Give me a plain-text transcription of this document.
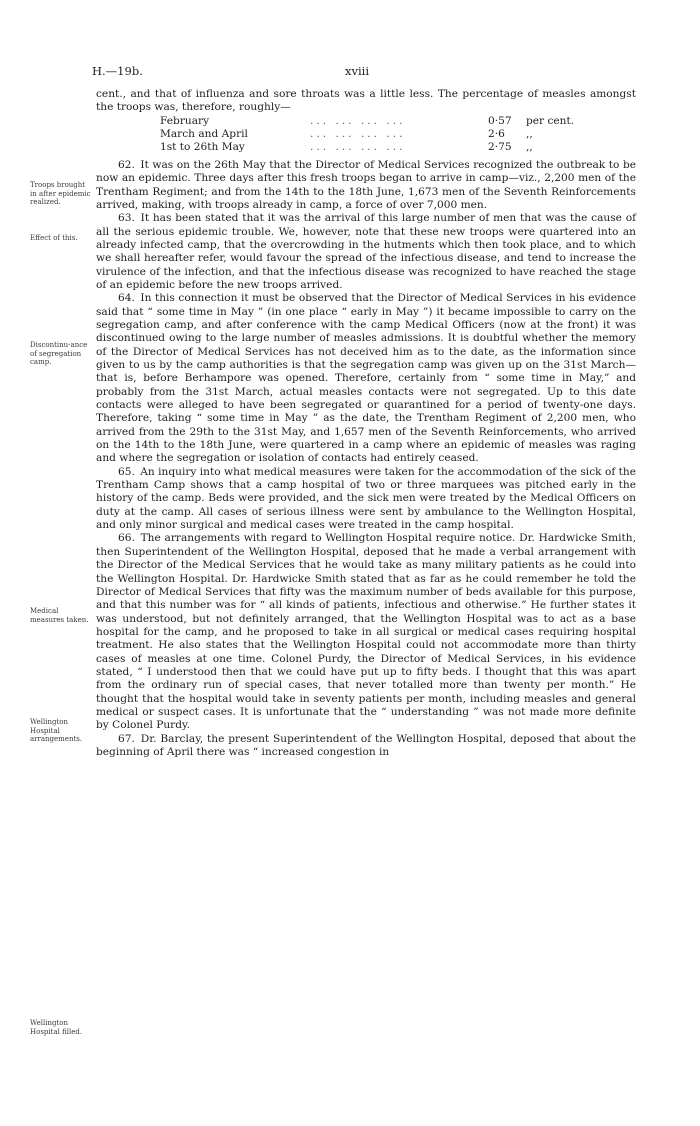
H.—19b.	xviii
Troops brought in after epidemic realized.
Effect of this.
Discontinu-ance of segregation camp.
Medical measures taken.
Wellington Hospital arrangements.
Wellington Hospital filled.

cent., and that of influenza and sore throats was a little less. The percentage of measles amongst the troops was, therefore, roughly—

February	... ... ... ...	0·57	per cent.
March and April	... ... ... ...	2·6	,,
1st to 26th May	... ... ... ...	2·75	,,

62. It was on the 26th May that the Director of Medical Services recognized the outbreak to be now an epidemic. Three days after this fresh troops began to arrive in camp—viz., 2,200 men of the Trentham Regiment; and from the 14th to the 18th June, 1,673 men of the Seventh Reinforcements arrived, making, with troops already in camp, a force of over 7,000 men.

63. It has been stated that it was the arrival of this large number of men that was the cause of all the serious epidemic trouble. We, however, note that these new troops were quartered into an already infected camp, that the overcrowding in the hutments which then took place, and to which we shall hereafter refer, would favour the spread of the infectious disease, and tend to increase the virulence of the infection, and that the infectious disease was recognized to have reached the stage of an epidemic before the new troops arrived.

64. In this connection it must be observed that the Director of Medical Services in his evidence said that “ some time in May ” (in one place “ early in May ”) it became impossible to carry on the segregation camp, and after conference with the camp Medical Officers (now at the front) it was discontinued owing to the large number of measles admissions. It is doubtful whether the memory of the Director of Medical Services has not deceived him as to the date, as the information since given to us by the camp authorities is that the segregation camp was given up on the 31st March—that is, before Berhampore was opened. Therefore, certainly from “ some time in May,” and probably from the 31st March, actual measles contacts were not segregated. Up to this date contacts were alleged to have been segregated or quarantined for a period of twenty-one days. Therefore, taking “ some time in May ” as the date, the Trentham Regiment of 2,200 men, who arrived from the 29th to the 31st May, and 1,657 men of the Seventh Reinforcements, who arrived on the 14th to the 18th June, were quartered in a camp where an epidemic of measles was raging and where the segregation or isolation of contacts had entirely ceased.

65. An inquiry into what medical measures were taken for the accommodation of the sick of the Trentham Camp shows that a camp hospital of two or three marquees was pitched early in the history of the camp. Beds were provided, and the sick men were treated by the Medical Officers on duty at the camp. All cases of serious illness were sent by ambulance to the Wellington Hospital, and only minor surgical and medical cases were treated in the camp hospital.

66. The arrangements with regard to Wellington Hospital require notice. Dr. Hardwicke Smith, then Superintendent of the Wellington Hospital, deposed that he made a verbal arrangement with the Director of the Medical Services that he would take as many military patients as he could into the Wellington Hospital. Dr. Hardwicke Smith stated that as far as he could remember he told the Director of Medical Services that fifty was the maximum number of beds available for this purpose, and that this number was for “ all kinds of patients, infectious and otherwise.” He further states it was understood, but not definitely arranged, that the Wellington Hospital was to act as a base hospital for the camp, and he proposed to take in all surgical or medical cases requiring hospital treatment. He also states that the Wellington Hospital could not accommodate more than thirty cases of measles at one time. Colonel Purdy, the Director of Medical Services, in his evidence stated, “ I understood then that we could have put up to fifty beds. I thought that this was apart from the ordinary run of special cases, that never totalled more than twenty per month.” He thought that the hospital would take in seventy patients per month, including measles and general medical or suspect cases. It is unfortunate that the “ understanding ” was not made more definite by Colonel Purdy.

67. Dr. Barclay, the present Superintendent of the Wellington Hospital, deposed that about the beginning of April there was “ increased congestion in
